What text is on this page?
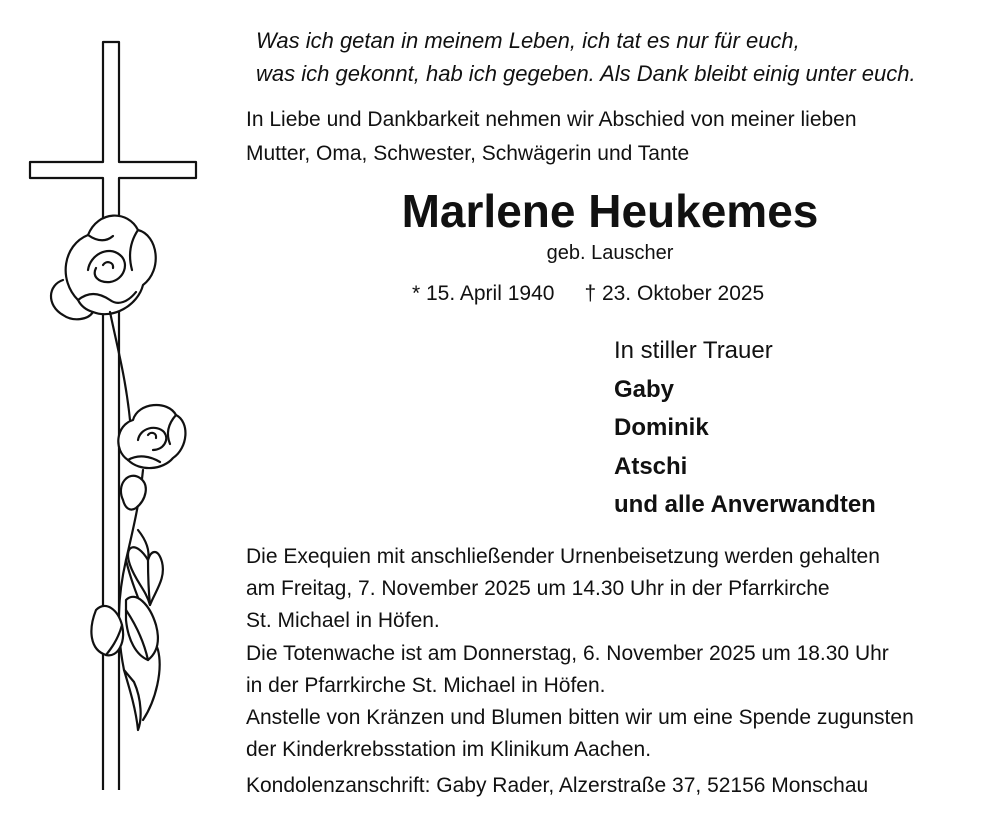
Was ich getan in meinem Leben, ich tat es nur für euch,
was ich gekonnt, hab ich gegeben. Als Dank bleibt einig unter euch.
In Liebe und Dankbarkeit nehmen wir Abschied von meiner lieben
Mutter, Oma, Schwester, Schwägerin und Tante
Marlene Heukemes
geb. Lauscher
* 15. April 1940 † 23. Oktober 2025
In stiller Trauer
Gaby
Dominik
Atschi
und alle Anverwandten
Die Exequien mit anschließender Urnenbeisetzung werden gehalten
am Freitag, 7. November 2025 um 14.30 Uhr in der Pfarrkirche
St. Michael in Höfen.
Die Totenwache ist am Donnerstag, 6. November 2025 um 18.30 Uhr
in der Pfarrkirche St. Michael in Höfen.
Anstelle von Kränzen und Blumen bitten wir um eine Spende zugunsten
der Kinderkrebsstation im Klinikum Aachen.
Kondolenzanschrift: Gaby Rader, Alzerstraße 37, 52156 Monschau
